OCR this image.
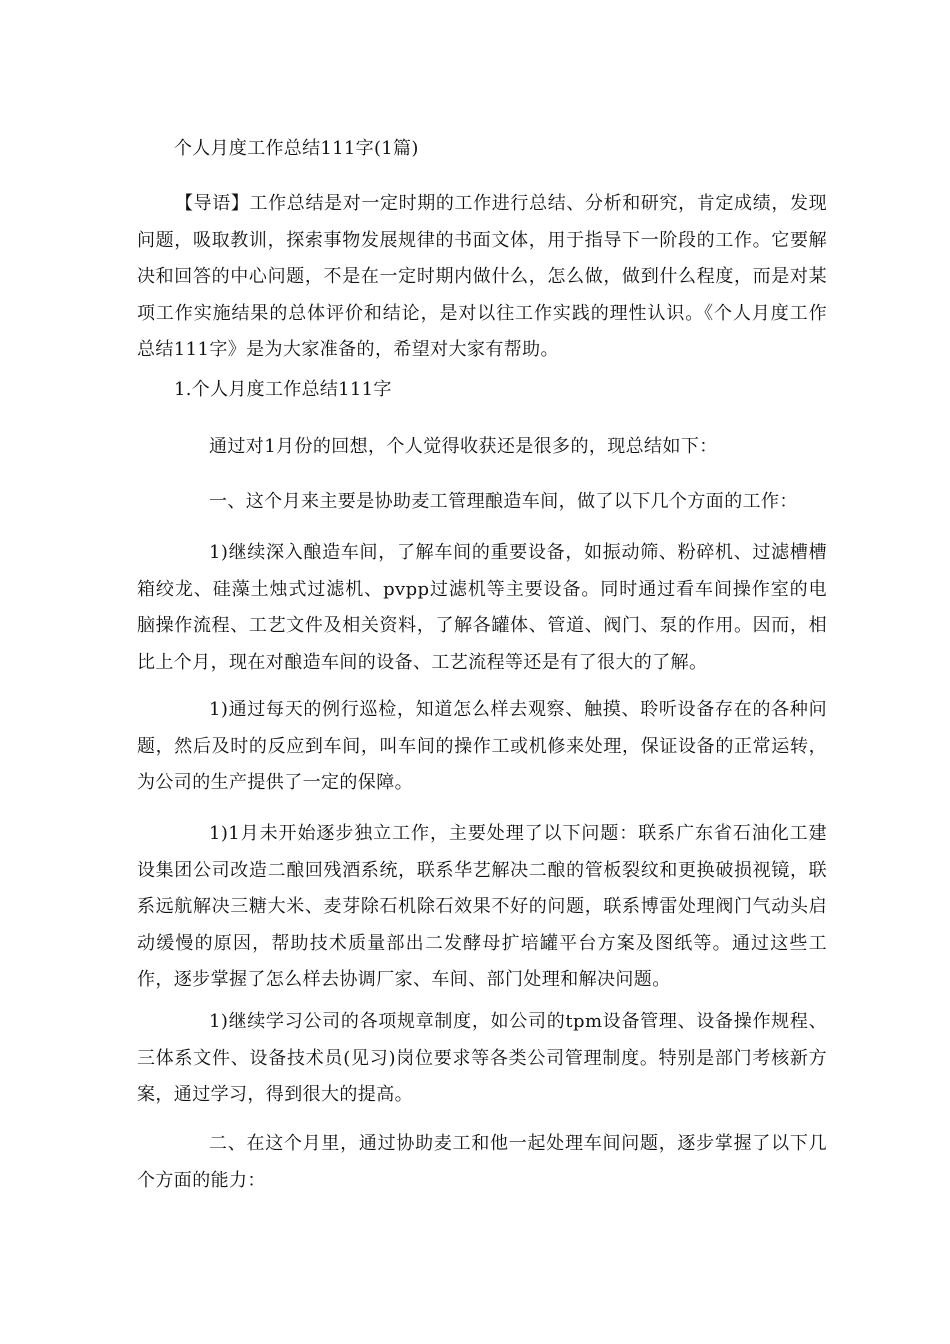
个人月度工作总结111字(1篇)

【导语】工作总结是对一定时期的工作进行总结、分析和研究，肯定成绩，发现问题，吸取教训，探索事物发展规律的书面文体，用于指导下一阶段的工作。它要解决和回答的中心问题，不是在一定时期内做什么，怎么做，做到什么程度，而是对某项工作实施结果的总体评价和结论，是对以往工作实践的理性认识。《个人月度工作总结111字》是为大家准备的，希望对大家有帮助。

1.个人月度工作总结111字

通过对1月份的回想，个人觉得收获还是很多的，现总结如下：

一、这个月来主要是协助麦工管理酿造车间，做了以下几个方面的工作：

1)继续深入酿造车间，了解车间的重要设备，如振动筛、粉碎机、过滤槽槽箱绞龙、硅藻土烛式过滤机、pvpp过滤机等主要设备。同时通过看车间操作室的电脑操作流程、工艺文件及相关资料，了解各罐体、管道、阀门、泵的作用。因而，相比上个月，现在对酿造车间的设备、工艺流程等还是有了很大的了解。

1)通过每天的例行巡检，知道怎么样去观察、触摸、聆听设备存在的各种问题，然后及时的反应到车间，叫车间的操作工或机修来处理，保证设备的正常运转，为公司的生产提供了一定的保障。

1)1月未开始逐步独立工作，主要处理了以下问题：联系广东省石油化工建设集团公司改造二酿回残酒系统，联系华艺解决二酿的管板裂纹和更换破损视镜，联系远航解决三糖大米、麦芽除石机除石效果不好的问题，联系博雷处理阀门气动头启动缓慢的原因，帮助技术质量部出二发酵母扩培罐平台方案及图纸等。通过这些工作，逐步掌握了怎么样去协调厂家、车间、部门处理和解决问题。

1)继续学习公司的各项规章制度，如公司的tpm设备管理、设备操作规程、三体系文件、设备技术员(见习)岗位要求等各类公司管理制度。特别是部门考核新方案，通过学习，得到很大的提高。

二、在这个月里，通过协助麦工和他一起处理车间问题，逐步掌握了以下几个方面的能力：
